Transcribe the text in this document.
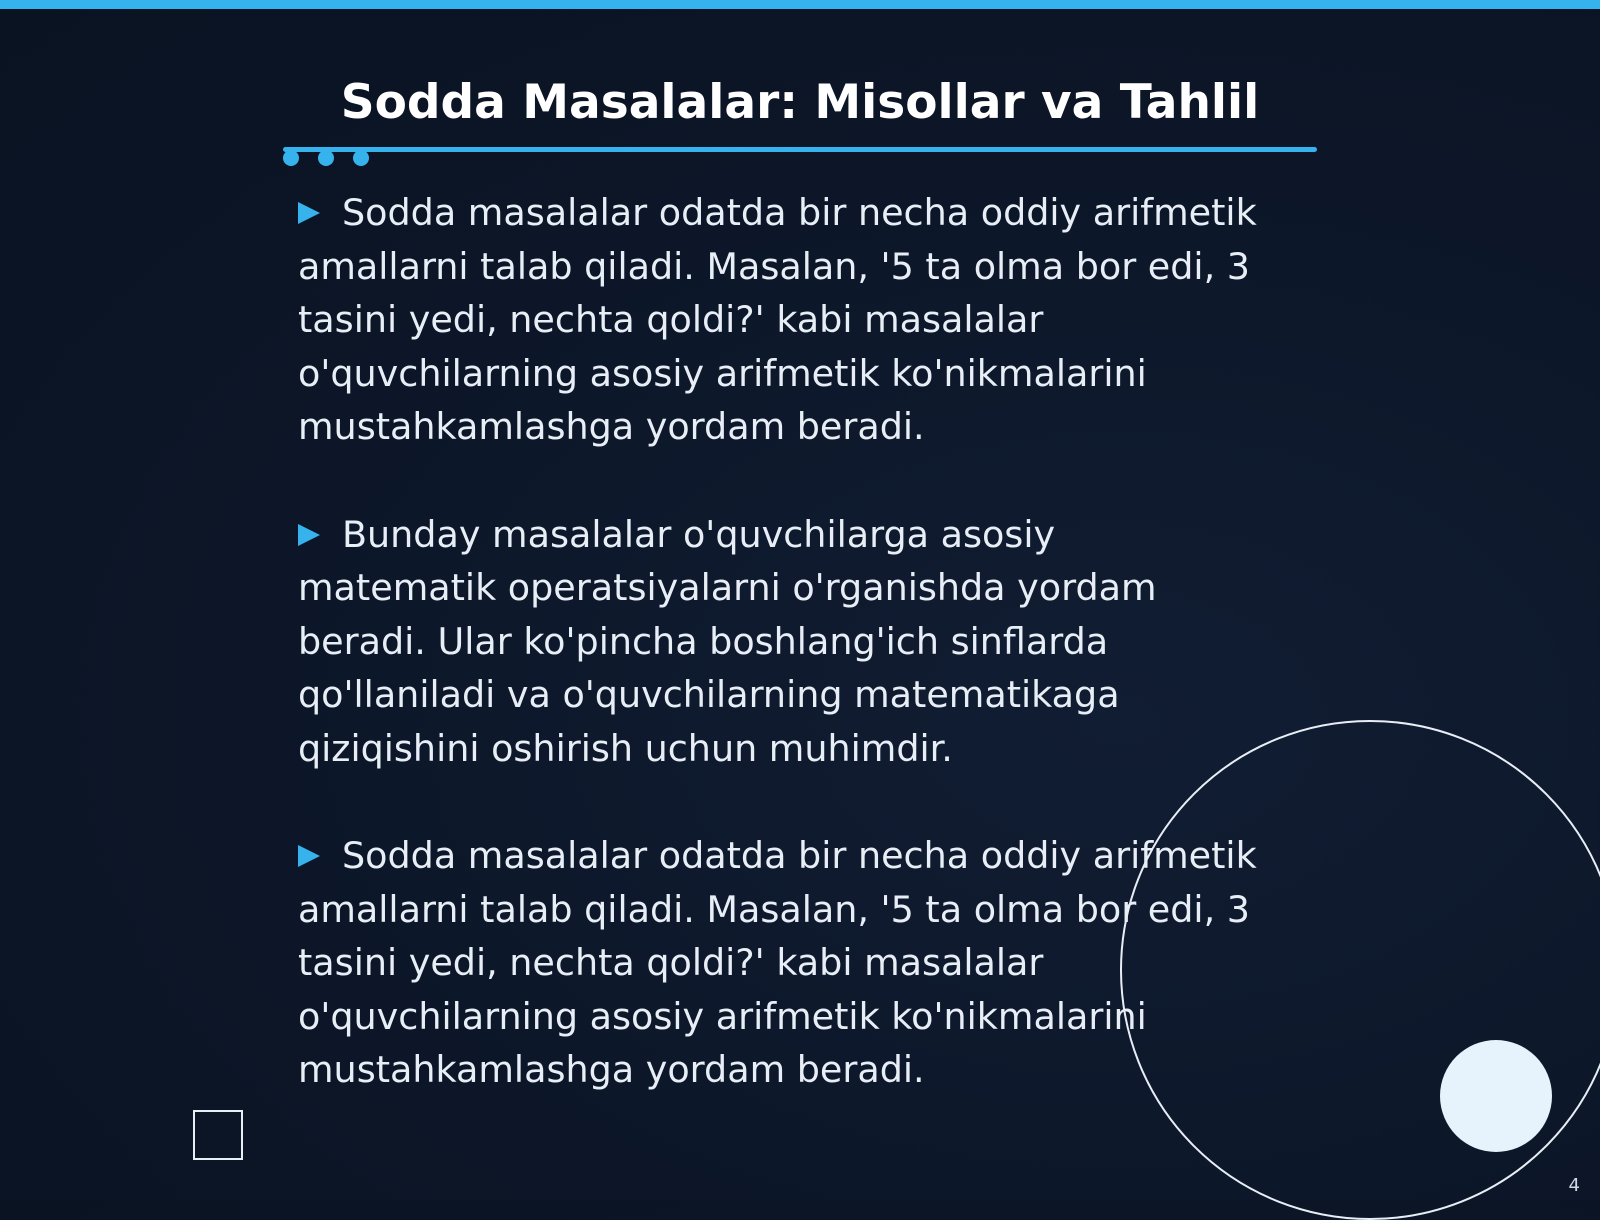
Sodda Masalalar: Misollar va Tahlil
Sodda masalalar odatda bir necha oddiy arifmetik amallarni talab qiladi. Masalan, '5 ta olma bor edi, 3 tasini yedi, nechta qoldi?' kabi masalalar o'quvchilarning asosiy arifmetik ko'nikmalarini mustahkamlashga yordam beradi.
Bunday masalalar o'quvchilarga asosiy matematik operatsiyalarni o'rganishda yordam beradi. Ular ko'pincha boshlang'ich sinflarda qo'llaniladi va o'quvchilarning matematikaga qiziqishini oshirish uchun muhimdir.
Sodda masalalar odatda bir necha oddiy arifmetik amallarni talab qiladi. Masalan, '5 ta olma bor edi, 3 tasini yedi, nechta qoldi?' kabi masalalar o'quvchilarning asosiy arifmetik ko'nikmalarini mustahkamlashga yordam beradi.
4
